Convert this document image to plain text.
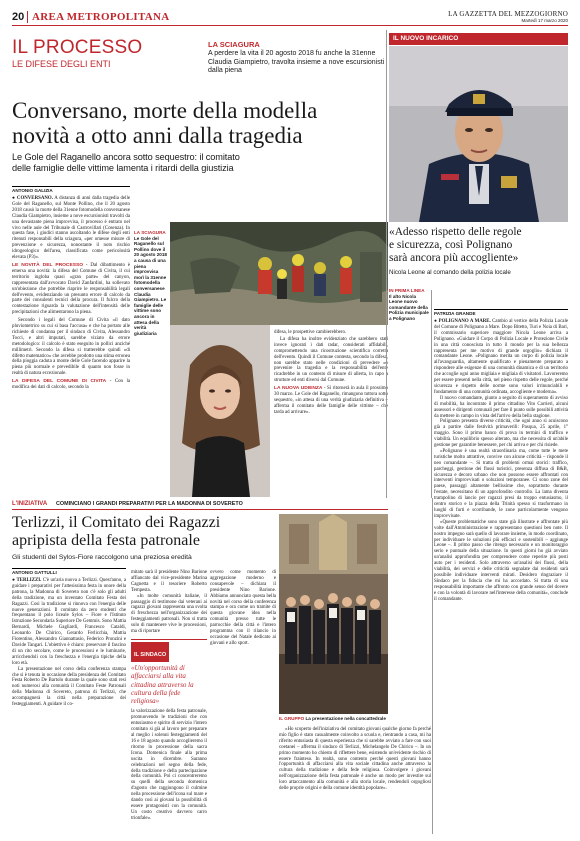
20 AREA METROPOLITANA	LA GAZZETTA DEL MEZZOGIORNO
Martedì 17 marzo 2020
IL PROCESSO
LE DIFESE DEGLI ENTI
LA SCIAGURA
A perdere la vita il 20 agosto 2018 fu anche la 31enne Claudia Giampietro, travolta insieme a nove escursionisti dalla piena
IL NUOVO INCARICO
Conversano, morte della modella
novità a otto anni dalla tragedia
Le Gole del Raganello ancora sotto sequestro: il comitato
delle famiglie delle vittime lamenta i ritardi della giustizia
ANTONIO GALIZIA
● CONVERSANO. A distanza di anni dalla tragedia delle Gole del Raganello, sul Monte Pollino, che il 20 agosto 2018 causò la morte della 31enne fotomodella conversanese Claudia Giampietro, insieme a nove escursionisti travolti da una devastante piena improvvisa, il processo è entrato nel vivo nelle aule del Tribunale di Castrovillari (Cosenza). In questa fase, i giudici stanno ascoltando le difese degli enti ritenuti responsabili della sciagura, «per omesse misure di prevenzione e sicurezza, nonostante il noto rischio idrogeologico dell'area, classificata come pericolosità elevata (P3)».
LE NOVITÀ DEL PROCESSO - Dal dibattimento è emersa una novità: la difesa del Comune di Civita, il cui territorio ingloba quasi «gran parte» del canyon, rappresentata dall'avvocato David Zanfardini, ha sollevato un'obiezione che potrebbe riaprire le responsabilità legali dell'evento, evidenziando un presunto errore di calcolo da parte dei consulenti tecnici della procura. Il fulcro della contestazione riguarda la valutazione dell'intensità delle precipitazioni che alimentarono la piena.
Secondo i legali del Comune di Civita «il dato pluviometrico su cui si basa l'accusa» e che ha portato alle richieste di condanna per il sindaco di Civita, Alessandro Tocci, e altri imputati, sarebbe viziato da errore metodologico: il calcolo è stato eseguito in pollici anziché millimetri. Secondo la difesa si tratterebbe quindi «di difetto matematico» che avrebbe prodotto una stima erronea della pioggia caduta a monte delle Gole facendo apparire la piena più normale e prevedibile di quanto non fosse in realtà di natura eccezionale.
LA DIFESA DEL COMUNE DI CIVITA - Con la modifica dei dati di calcolo, secondo la
LA SCIAGURA
Le Gole del Raganello sul Pollino dove il 20 agosto 2018 a causa di una piena improvvisa morì la 31enne fotomodella conversanese Claudia Giampietro. Le famiglie delle vittime sono ancora in attesa della verità giudiziaria	difesa, le prospettive cambierebbero.
La difesa ha inoltre evidenziato che sarebbero stati invece ignorati i dati radar, considerati affidabili, compromettendo una ricostruzione scientifica corretta dell'evento. Quindi il Comune contesta, secondo la difesa, non sarebbe stato nelle condizioni di prevedere «o prevenire la tragedia e la responsabilità dell'ente ricadrebbe in un contesto di misure di allerta, in capo a strutture ed enti diversi dal Comune.
LA NUOVA UDIENZA - Si ritornerà in aula il prossimo 30 marzo. Le Gole del Raganello, rimangono tuttora sotto sequestro, «in attesa di una verità giudiziaria definitiva – afferma il comitato delle famiglie delle vittime – che tarda ad arrivare».
«Adesso rispetto delle regole
e sicurezza, così Polignano
sarà ancora più accogliente»
Nicola Leone al comando della polizia locale
IN PRIMA LINEA
Il alto Nicola Leone nuovo comandante della Polizia municipale a Polignano
PATRIZIA GRANDE
● POLIGNANO A MARE. Cambio al vertice della Polizia Locale del Comune di Polignano a Mare. Dopo Bitetto, Turi e Noia di Bari, il commissario superiore maggiore Nicola Leone arriva a Polignano. «Guidare il Corpo di Polizia Locale e Protezione Civile in una città conosciuta in tutto il mondo per la sua bellezza rappresenta per me motivo di grande orgoglio» dichiara il comandante Leone. «Polignano merita un corpo di polizia locale all'avanguardia, altamente qualificato e pienamente preparato a rispondere alle esigenze di una comunità dinamica e di un territorio che accoglie ogni anno migliaia e migliaia di visitatori. Lavoreremo per essere presenti nella città, nel pieno rispetto delle regole, perché sicurezza e rispetto delle norme sono valori irrinunciabili e fondamento di una comunità ordinata, accogliente e moderna».
Il nuovo comandante, giunto a seguito di superamento di avviso di mobilità, ha incontrato il primo cittadino Vito Carrieri, alcuni assessori e dirigenti comunali per fare il punto sulle possibili attività da mettere in campo in vista dell'arrivo della bella stagione.
Polignano presenta diverse criticità, che ogni anno si acuiscono già a partire dalle festività primaverili: Pasqua, 25 aprile, 1° maggio. Sono il primo banco di prova in termini di traffico e viabilità. Un equilibrio spesso alterato, ma che necessita di un'abile gestione per garantire benessere, per chi arriva e per chi risiede.
«Polignano è una realtà straordinaria ma, come tutte le mete turistiche molto attrattive, convive con alcune criticità – risponde il neo comandante –. Si tratta di problemi ormai storici: traffico, parcheggi, gestione dei flussi turistici, presenza diffusa di B&B, sicurezza e decoro urbano che non possono essere affrontati con interventi improvvisati o soluzioni temporanee. Ci sono zone del paese, passaggi altamente bellissime che, soprattutto durante l'estate, necessitano di un approfondito controllo. La lama diventa trampolino di lancio per ragazzi presi da troppo entusiasmo, il centro storico e la piazza della Trinità spesso si trasformano in luoghi di furti e scorribande, le zone particolarmente vengono improvvisate.
«Queste problematiche sono state già illustrate e affrontate più volte dall'Amministrazione e rappresentano questioni ben note. Il nostro impegno sarà quello di lavorare insieme, in modo coordinato, per individuare le soluzioni più efficaci e sostenibili – aggiunge Leone –. Il primo passo che ritengo necessario e un monitoraggio serio e puntuale della situazione. In questi giorni ho già avviato un'analisi approfondita per comprendere come reperire più posti auto per i residenti. Solo attraverso un'analisi dei flussi, della viabilità, dei servizi e delle criticità segnalate dai residenti sarà possibile individuare interventi mirati. Desidero ringraziare il Sindaco per la fiducia che mi ha accordato. Si tratta di una responsabilità importante che affronto con grande senso del dovere e con la volontà di lavorare nell'interesse della comunità», conclude il comandante.
L'INIZIATIVA COMINCIANO I GRANDI PREPARATIVI PER LA MADONNA DI SOVERETO
Terlizzi, il Comitato dei Ragazzi
apripista della festa patronale
Gli studenti del Sylos-Fiore raccolgono una preziosa eredità
ANTONIO GATTULLI
● TERLIZZI. C'è un'aria nuova a Terlizzi. Quest'anno, a guidare i preparativi per l'attesissima festa in onore della patrona, la Madonna di Sovereto non c'è solo gli adulti della tradizione, ma un inventato Comitato Festa dei Ragazzi. Così la tradizione si rinnova con l'energia delle nuove generazioni. Il comitato da zero studenti che frequentano il polo liceale Sylos – Fiore e l'Istituto Istruzione Secondaria Superiore De Gemmis. Sono Mattia Bernardi, Michele Gagliardi, Francesco Cataldi, Leonardo De Chirico, Gerardo Ferlicchia, Mattia Fiorentino, Alessandro Giannattasio, Federico Pronzini e Davide Tangari. L'obiettivo è chiaro: preservare il fascino di un rito secolare, come le processioni e le luminarie, arricchendoli con la freschezza e l'energia tipiche della loro età.
La presentazione nel corso della conferenza stampa che si è tenuta in occasione della presidenza del Comitato Festa Roberto De Bartolo durante la quale sono stati resi noti numerosi alla comunità il Comitato Feste Patronali della Madonna di Sovereto, patrona di Terlizzi, che accompagnerà la città nella preparazione dei festeggiamenti. A guidare il co-
mitato sarà il presidente Nino Barione affiancato dal vice-presidente Marina Cagnetta e il tesoriere Roberto Tempesta.
«In molte comunità italiane, il passaggio di testimone dai veterani ai ragazzi giovani rappresenta una svolta di freschezza nell'organizzazione dei festeggiamenti patronali. Non si tratta solo di mantenere vive le processioni, ma di riportare
IL SINDACO
«Un'opportunità di affacciarsi alla vita cittadina attraverso la cultura della fede religiosa»
la valorizzazione della festa patronale, promuovendo le tradizioni che con entusiasmo e spirito di servizio l'intero comitato si già al lavoro per preparare al meglio i solenni festeggiamenti del 16 e 18 agosto quando accoglieremo il ritorno in processione della sacra Icona. Domenica finale alla prima uscita in dicembre. Saranno celebrazioni nel segno della fede, della tradizione e della partecipazione della comunità. Poi ci concentreremo su quelli della seconda domenica d'agosto che raggiungono il culmine nella processione dell'icona sul mare e dando così ai giovani la possibilità di essere protagonisti con la comunità. Un costo creativo davvero carro trionfale».
ovvero come momento di aggregazione moderno e consapevole – dichiara il presidente Nino Barione. Abbiamo annunciato questa bella novità nel corso della conferenza stampa e ora come un tramite di questa giovane idea nella comunità presso tutte le parrocchie della città e l'intero programma con il rilancio in occasione del Natale dedicato ai giovani e allo sport.
IL GRUPPO La presentazione nella concattedrale
«Ho scoperto dell'iniziativa del comitato giovani qualche giorno fa perché mio figlio è stato casualmente coinvolto a scuola e, rientrando a casa, mi ha riferito entusiasta di questa esperienza che si sarebbe avviato a fare con suoi coetanei – afferma il sindaco di Terlizzi, Michelangelo De Chirico –. In un primo momento ho chiesto di riflettere bene, esistendo un'evidente rischio di essere frainteso. In realtà, sono contento perché questi giovani hanno l'opportunità di affacciarsi alla vita sociale cittadina anche attraverso la cultura della tradizione e della fede religiosa. Coinvolgere i giovani nell'organizzazione della festa patronale è anche un modo per investire sul loro attaccamento alla comunità e alla storia locale, rendendoli orgogliosi delle proprie origini e della comune identità popolare».
